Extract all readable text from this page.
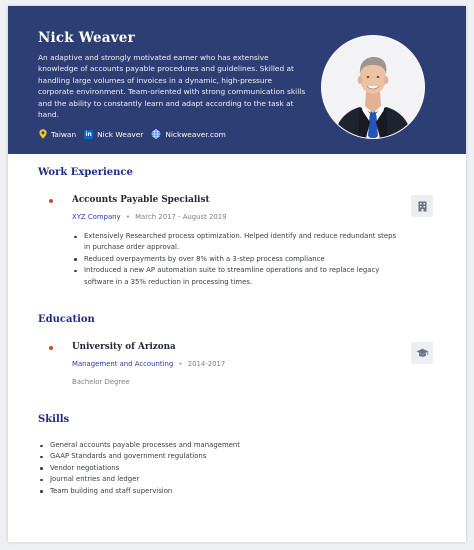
Nick Weaver
An adaptive and strongly motivated earner who has extensive knowledge of accounts payable procedures and guidelines. Skilled at handling large volumes of invoices in a dynamic, high-pressure corporate environment. Team-oriented with strong communication skills and the ability to constantly learn and adapt according to the task at hand.
Taiwan in Nick Weaver	Nickweaver.com
Work Experience
Accounts Payable Specialist
XYZ Company • March 2017 - August 2019
Extensively Researched process optimization. Helped identify and reduce redundant steps in purchase order approval.
Reduced overpayments by over 8% with a 3-step process compliance
Introduced a new AP automation suite to streamline operations and to replace legacy software in a 35% reduction in processing times.
Education
University of Arizona
Management and Accounting • 2014-2017
Bachelor Degree
Skills
General accounts payable processes and management
GAAP Standards and government regulations
Vendor negotiations
Journal entries and ledger
Team building and staff supervision
